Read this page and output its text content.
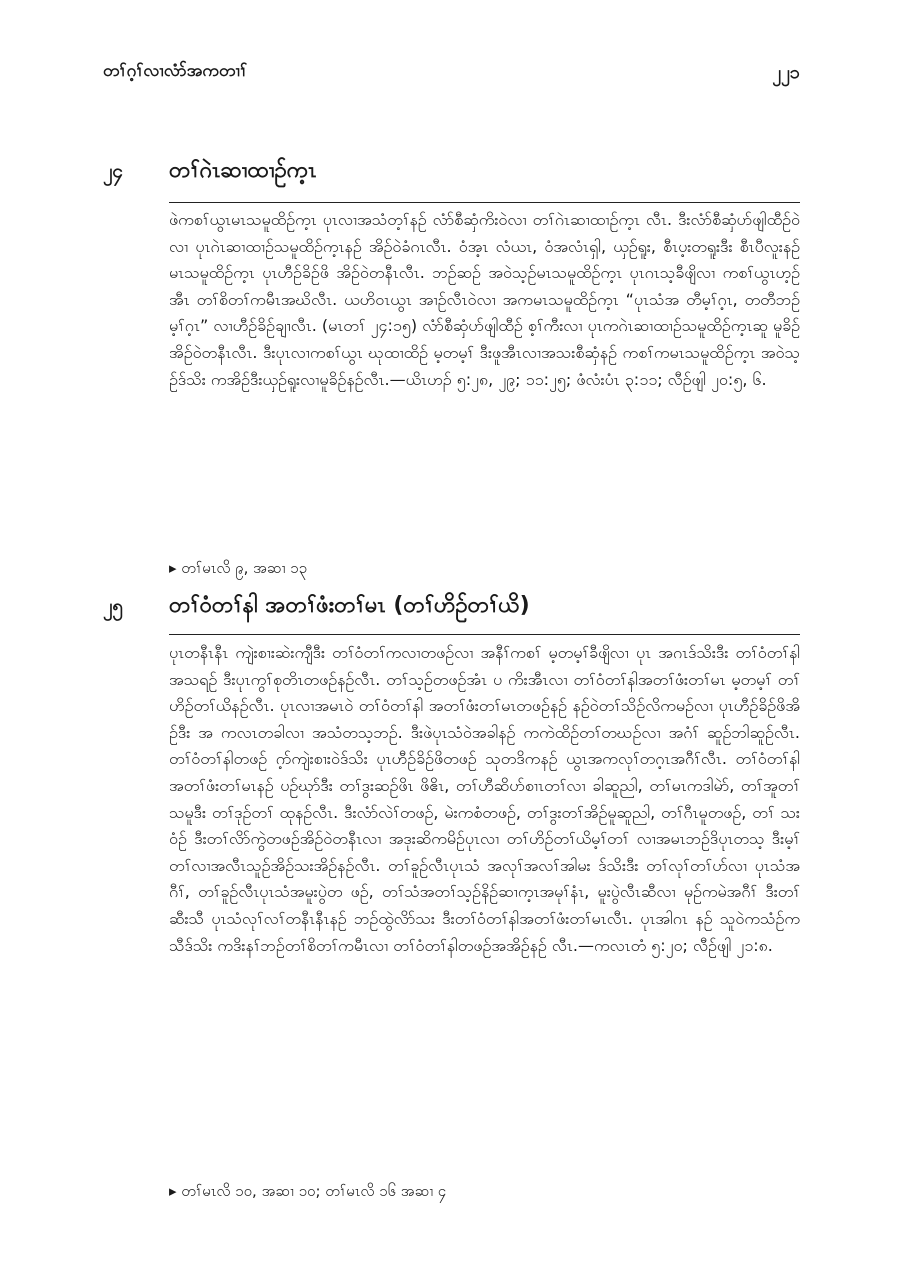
တၢ်ဂ့ၢ်လၢလံာ်အကတၢၢ်	၂၂၁
၂၄ တၢ်ဂဲၤဆၢထၢဉ်က့ၤ
ဖဲကစၢ်ယွၤမၤသမူထိဉ်က့ၤ ပုၤလၢအသံတ့ၢ်နဉ် လံာ်စီဆှံကိးဝဲလၢ တၢ်ဂဲၤဆၢထၢဉ်က့ၤ လီၤ. ဒီးလံာ်စီဆှံပာ်ဖျါထီဉ်ဝဲလၢ ပုၤဂဲၤဆၢထၢဉ်သမူထိဉ်က့ၤနဉ် အိဉ်ဝဲခံဂၤလီၤ. ဝံအ့ၤ လံယၤ, ဝံအလံၤရှါ, ယှဉ်ရူး, စီၤပ့းတရူးဒီး စီၤပီလူးနဉ် မၤသမူထိဉ်က့ၤ ပုၤဟီဉ်ခိဉ်ဖိ အိဉ်ဝဲတနီၤလီၤ. ဘဉ်ဆဉ် အဝဲသ့ဉ်မၤသမူထိဉ်က့ၤ ပုၤဂၤသ့ခီဖျိလၢ ကစၢ်ယွၤဟ့ဉ်အီၤ တၢ်စိတၢ်ကမီၤအဃိလီၤ. ယဟိဝၤယွၤ အၢဉ်လီၤဝဲလၢ အကမၤသမူထိဉ်က့ၤ “ပုၤသံအ တီမ့ၢ်ဂ့ၤ, တတီဘဉ်မ့ၢ်ဂ့ၤ” လၢဟီဉ်ခိဉ်ချၢလီၤ. (မၤတၢ် ၂၄:၁၅) လံာ်စီဆှံပာ်ဖျါထီဉ် စ့ၢ်ကီးလၢ ပုၤကဂဲၤဆၢထၢဉ်သမူထိဉ်က့ၤဆူ မူခိဉ်အိဉ်ဝဲတနီၤလီၤ. ဒီးပုၤလၢကစၢ်ယွၤ ဃုထၢထိဉ် မ့တမ့ၢ် ဒီးဖူအီၤလၢအသးစီဆှံနဉ် ကစၢ်ကမၤသမူထိဉ်က့ၤ အဝဲသ့ဉ်ဒ်သိး ကအိဉ်ဒီးယှဉ်ရူးလၢမူခိဉ်နဉ်လီၤ.—ယိၤဟၣ် ၅:၂၈, ၂၉; ၁၁:၂၅; ဖံလံးပံၤ ၃:၁၁; လီဉ်ဖျါ ၂၀:၅, ၆.
▸ တၢ်မၤလိ ၉, အဆၢ ၁၃
၂၅ တၢ်ဝံတၢ်နါ အတၢ်ဖံးတၢ်မၤ (တၢ်ဟိဉ်တၢ်ယိ)
ပုၤတနီၤနီၤ ကျဲးစၢးဆဲးကျီဒီး တၢ်ဝံတၢ်ကလၢတဖဉ်လၢ အနီၢ်ကစၢ် မ့တမ့ၢ်ခီဖျိလၢ ပုၤ အဂၤဒ်သိးဒီး တၢ်ဝံတၢ်နါအသရဉ် ဒီးပုၤကွၢ်စုတိၤတဖဉ်နဉ်လီၤ. တၢ်သ့ဉ်တဖဉ်အံၤ ပ ကိးအီၤလၢ တၢ်ဝံတၢ်နါအတၢ်ဖံးတၢ်မၤ မ့တမ့ၢ် တၢ်ဟိဉ်တၢ်ယိနဉ်လီၤ. ပုၤလၢအမၤဝဲ တၢ်ဝံတၢ်နါ အတၢ်ဖံးတၢ်မၤတဖဉ်နဉ် နဉ်ဝဲတၢ်သိဉ်လိကမဉ်လၢ ပုၤဟီဉ်ခိဉ်ဖိအိဉ်ဒီး အ ကလၤတခါလၢ အသံတသ့ဘဉ်. ဒီးဖဲပုၤသံဝဲအခါနဉ် ကကဲထိဉ်တၢ်တဃဉ်လၢ အဂံၢ် ဆူဉ်ဘါဆူဉ်လီၤ. တၢ်ဝံတၢ်နါတဖဉ် ဂ့ာ်ကျဲးစၢးဝဲဒ်သိး ပုၤဟီဉ်ခိဉ်ဖိတဖဉ် သုတဒိကနဉ် ယွၤအကလုၢ်တဂ့ၤအဂီၢ်လီၤ. တၢ်ဝံတၢ်နါ အတၢ်ဖံးတၢ်မၤနဉ် ပဉ်ဃုာ်ဒီး တၢ်ဒွးဆဉ်ဖိၤ ဖိဧိၤ, တၢ်ဟီဆိပာ်စၢၤတၢ်လၢ ခါဆူညါ, တၢ်မၤကဒါမဲာ်, တၢ်အူတၢ်သမူဒီး တၢ်ဒုဉ်တၢ် ထုနဉ်လီၤ. ဒီးလံာ်လဲၢ်တဖဉ်, မဲးကစံတဖဉ်, တၢ်ဒွးတၢ်အိဉ်မူဆူညါ, တၢ်ဂီၤမူတဖဉ်, တၢ် သးဝံဉ် ဒီးတၢ်လိာ်ကွဲတဖဉ်အိဉ်ဝဲတနီၤလၢ အဒုးဆိကမိဉ်ပုၤလၢ တၢ်ဟိဉ်တၢ်ယိမ့ၢ်တၢ် လၢအမၤဘဉ်ဒိပုၤတသ့ ဒီးမ့ၢ်တၢ်လၢအလီၤသူဉ်အိဉ်သးအိဉ်နဉ်လီၤ. တၢ်ခူဉ်လီၤပုၤသံ အလုၢ်အလၢ်အါမး ဒ်သိးဒီး တၢ်လုၢ်တၢ်ပာ်လၢ ပုၤသံအဂီၢ်, တၢ်ခူဉ်လီၤပုၤသံအမူးပွဲတ ဖဉ်, တၢ်သံအတၢ်သ့ဉ်နိဉ်ဆၢက့ၤအမုၢ်နံၤ, မူးပွဲလီၤဆီလၢ မုဉ်ကမဲအဂီၢ် ဒီးတၢ်ဆီးသီ ပုၤသံလုၢ်လၢ်တနီၤနီၤနဉ် ဘဉ်ထွဲလိာ်သး ဒီးတၢ်ဝံတၢ်နါအတၢ်ဖံးတၢ်မၤလီၤ. ပုၤအါဂၤ နဉ် သူဝဲကသံဉ်ကသီဒ်သိး ကဒိးနၢ်ဘဉ်တၢ်စိတၢ်ကမီၤလၢ တၢ်ဝံတၢ်နါတဖဉ်အအိဉ်နဉ် လီၤ.—ကလၤတံ ၅:၂၀; လီဉ်ဖျါ ၂၁:၈.
▸ တၢ်မၤလိ ၁၀, အဆၢ ၁၀; တၢ်မၤလိ ၁၆ အဆၢ ၄
